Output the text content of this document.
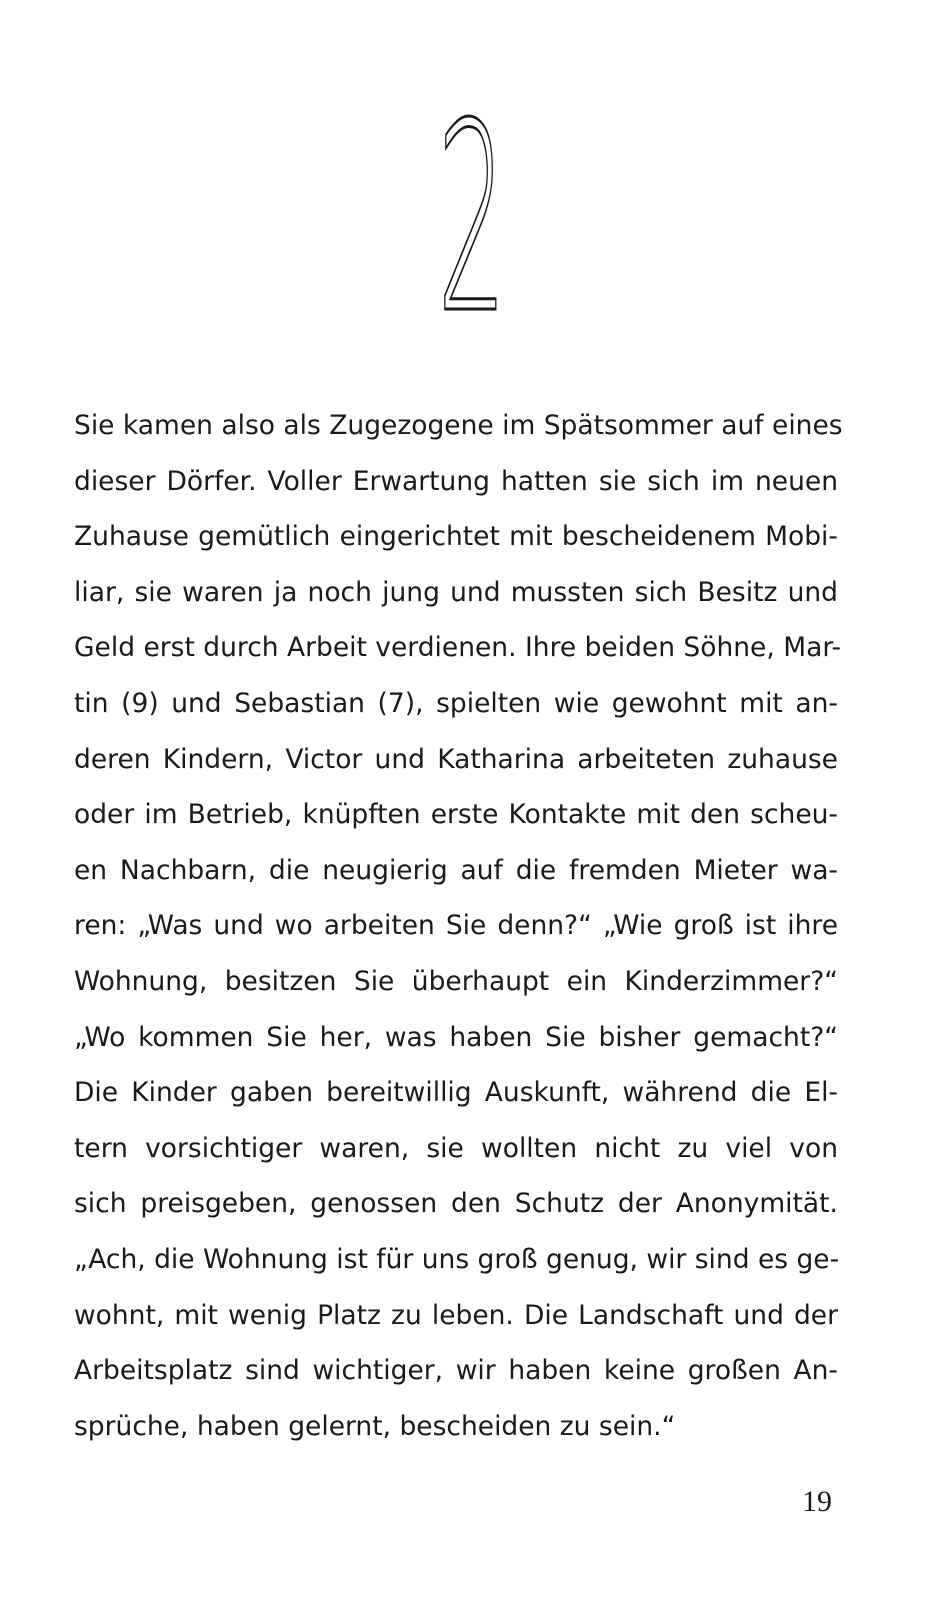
2

Sie kamen also als Zugezogene im Spätsommer auf eines
dieser Dörfer. Voller Erwartung hatten sie sich im neuen
Zuhause gemütlich eingerichtet mit bescheidenem Mobi-
liar, sie waren ja noch jung und mussten sich Besitz und
Geld erst durch Arbeit verdienen. Ihre beiden Söhne, Mar-
tin (9) und Sebastian (7), spielten wie gewohnt mit an-
deren Kindern, Victor und Katharina arbeiteten zuhause
oder im Betrieb, knüpften erste Kontakte mit den scheu-
en Nachbarn, die neugierig auf die fremden Mieter wa-
ren: „Was und wo arbeiten Sie denn?“ „Wie groß ist ihre
Wohnung, besitzen Sie überhaupt ein Kinderzimmer?“
„Wo kommen Sie her, was haben Sie bisher gemacht?“
Die Kinder gaben bereitwillig Auskunft, während die El-
tern vorsichtiger waren, sie wollten nicht zu viel von
sich preisgeben, genossen den Schutz der Anonymität.
„Ach, die Wohnung ist für uns groß genug, wir sind es ge-
wohnt, mit wenig Platz zu leben. Die Landschaft und der
Arbeitsplatz sind wichtiger, wir haben keine großen An-
sprüche, haben gelernt, bescheiden zu sein.“

19
